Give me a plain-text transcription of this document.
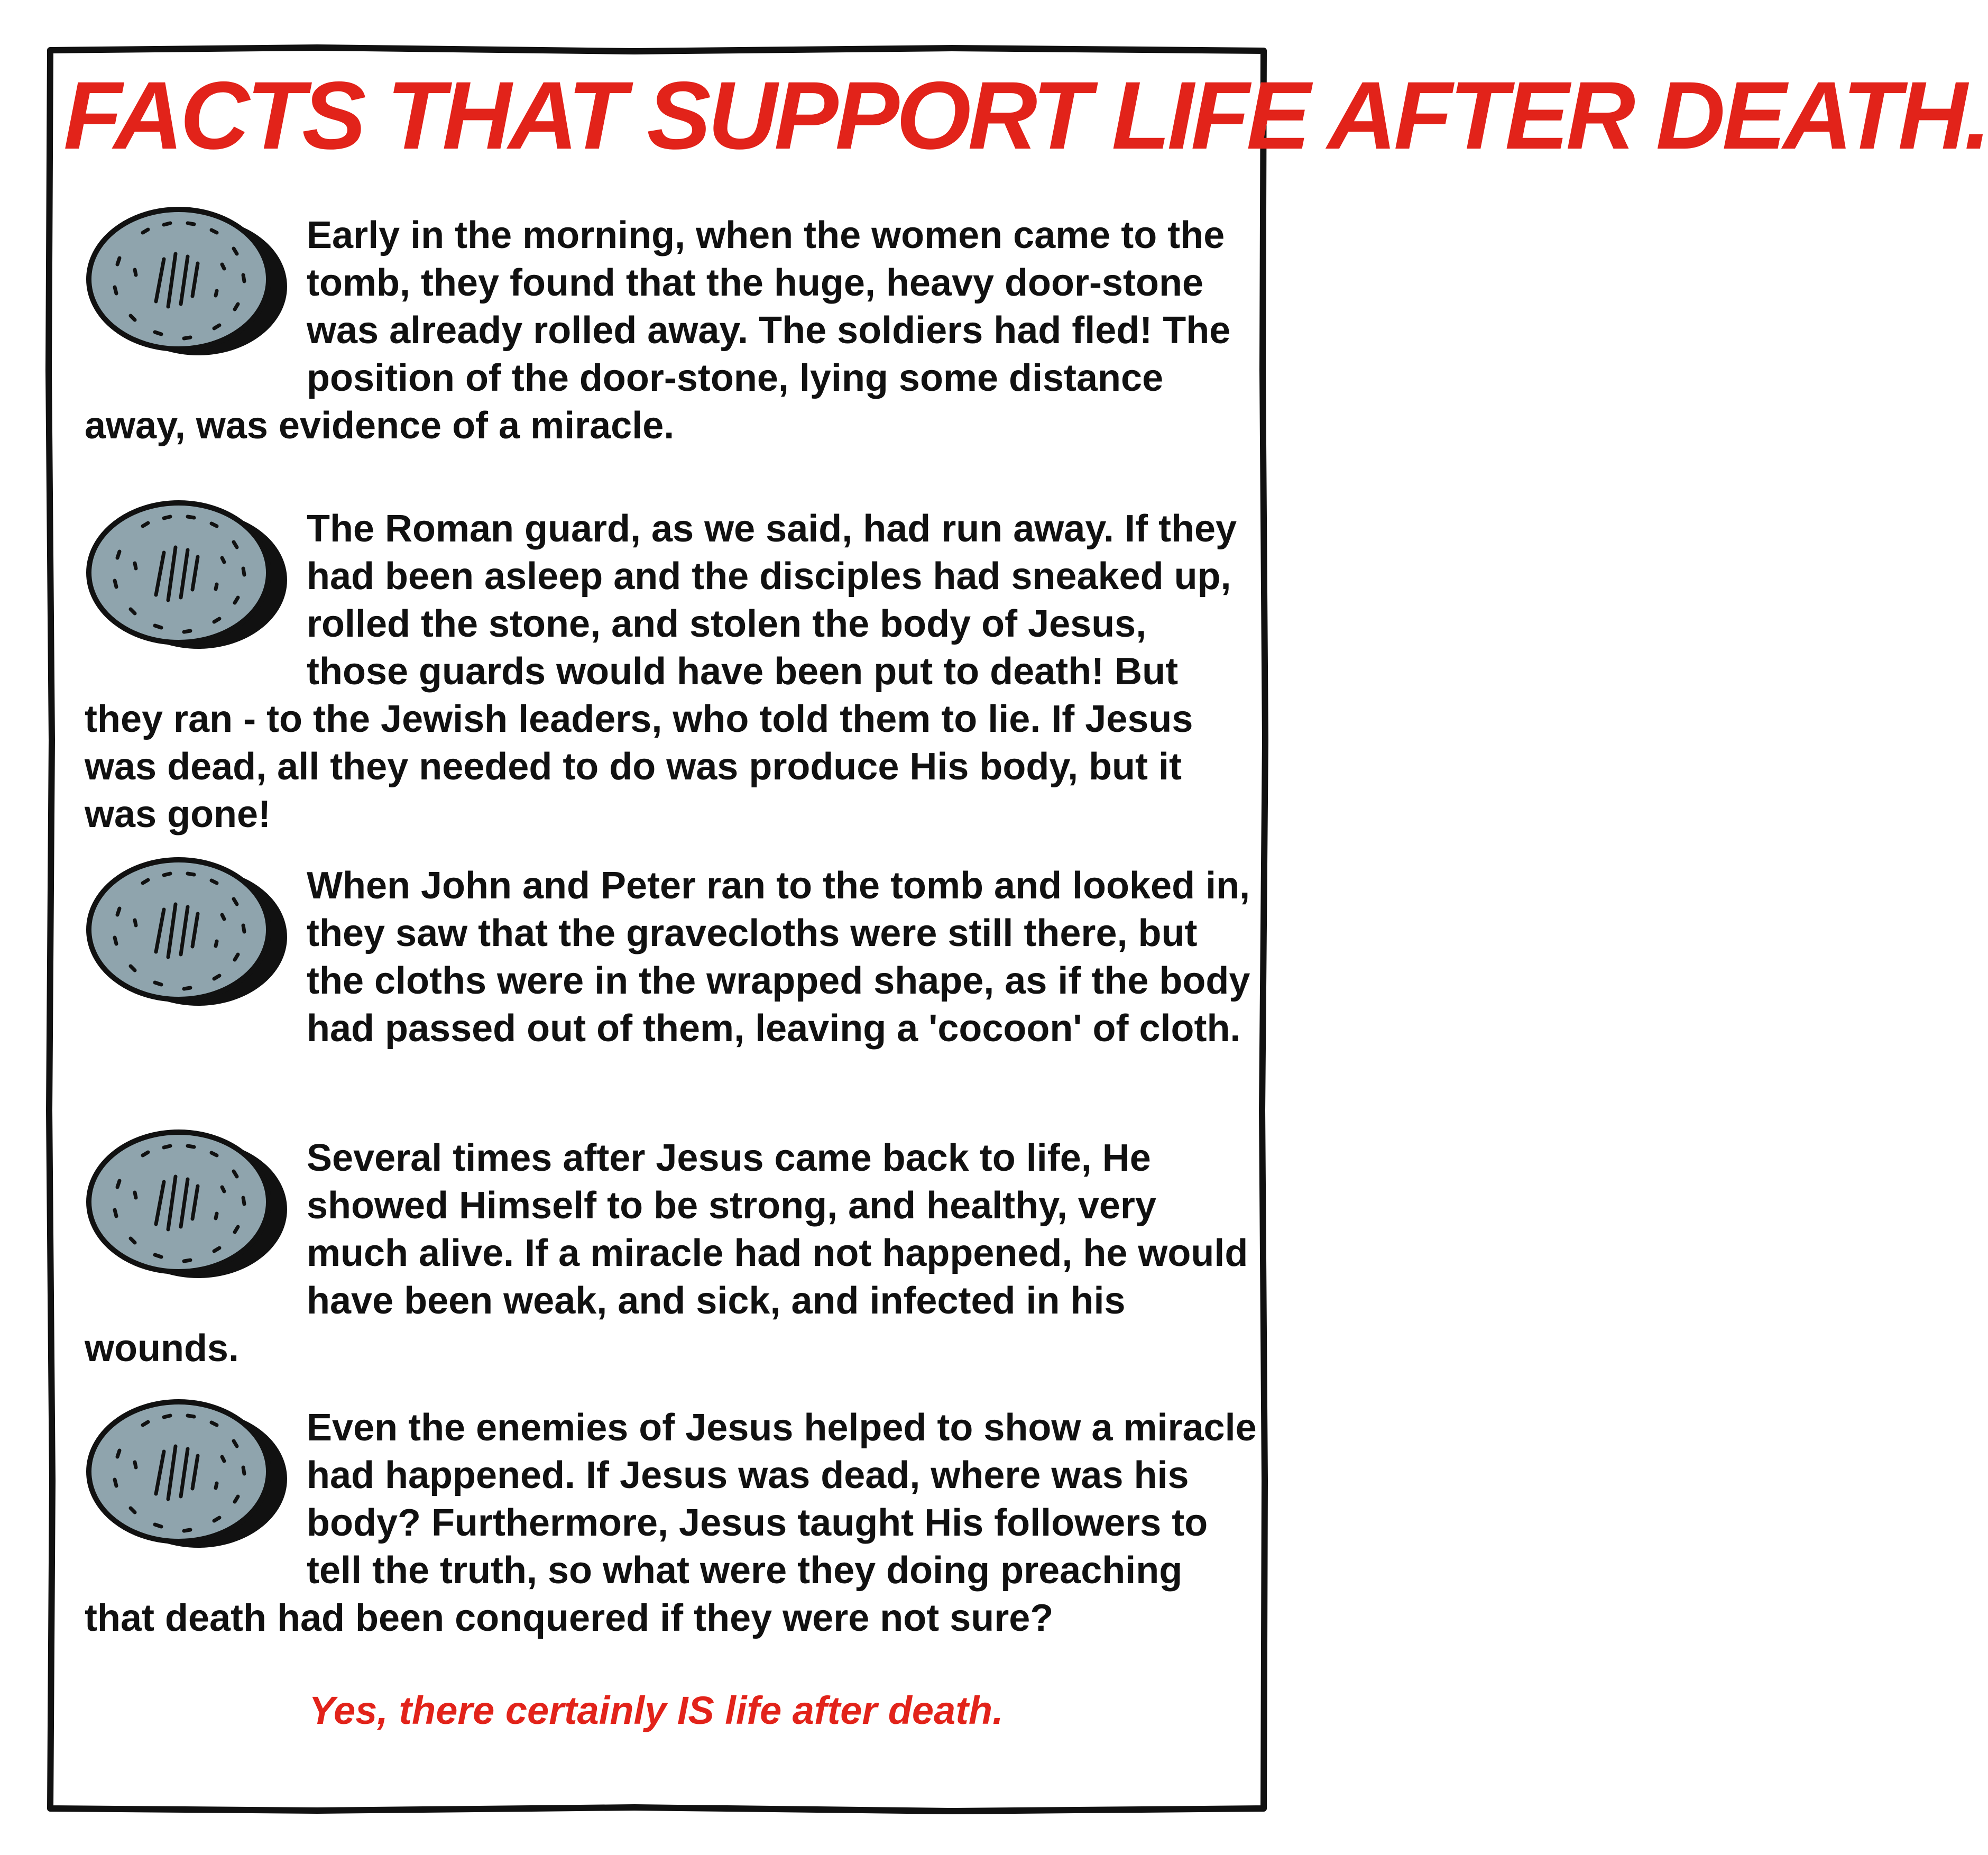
FACTS THAT SUPPORT LIFE AFTER DEATH.
Early in the morning, when the women came to the tomb, they found that the huge, heavy door-stone was already rolled away. The soldiers had fled! The position of the door-stone, lying some distance away, was evidence of a miracle.
The Roman guard, as we said, had run away. If they had been asleep and the disciples had sneaked up, rolled the stone, and stolen the body of Jesus, those guards would have been put to death! But they ran - to the Jewish leaders, who told them to lie. If Jesus was dead, all they needed to do was produce His body, but it was gone!
When John and Peter ran to the tomb and looked in, they saw that the gravecloths were still there, but the cloths were in the wrapped shape, as if the body had passed out of them, leaving a 'cocoon' of cloth.
Several times after Jesus came back to life, He showed Himself to be strong, and healthy, very much alive. If a miracle had not happened, he would have been weak, and sick, and infected in his wounds.
Even the enemies of Jesus helped to show a miracle had happened. If Jesus was dead, where was his body? Furthermore, Jesus taught His followers to tell the truth, so what were they doing preaching that death had been conquered if they were not sure?
Yes, there certainly IS life after death.
